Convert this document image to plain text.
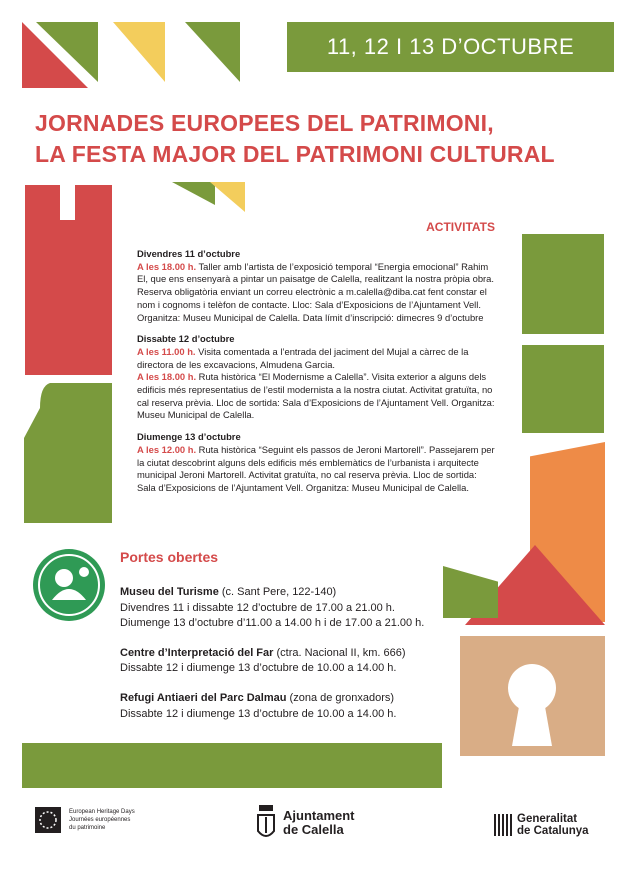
11, 12 I 13 D’OCTUBRE
JORNADES EUROPEES DEL PATRIMONI,
LA FESTA MAJOR DEL PATRIMONI CULTURAL
ACTIVITATS
Divendres 11 d’octubre
A les 18.00 h. Taller amb l’artista de l’exposició temporal “Energia emocional” Rahim El, que ens ensenyarà a pintar un paisatge de Calella, realitzant la nostra pròpia obra. Reserva obligatòria enviant un correu electrònic a m.calella@diba.cat fent constar el nom i cognoms i telèfon de contacte. Lloc: Sala d’Exposicions de l’Ajuntament Vell. Organitza: Museu Municipal de Calella. Data límit d’inscripció: dimecres 9 d’octubre
Dissabte 12 d’octubre
A les 11.00 h. Visita comentada a l’entrada del jaciment del Mujal a càrrec de la directora de les excavacions, Almudena Garcia.
A les 18.00 h. Ruta històrica “El Modernisme a Calella”. Visita exterior a alguns dels edificis més representatius de l’estil modernista a la nostra ciutat. Activitat gratuïta, no cal reserva prèvia. Lloc de sortida: Sala d’Exposicions de l’Ajuntament Vell. Organitza: Museu Municipal de Calella.
Diumenge 13 d’octubre
A les 12.00 h. Ruta històrica “Seguint els passos de Jeroni Martorell”. Passejarem per la ciutat descobrint alguns dels edificis més emblemàtics de l’urbanista i arquitecte municipal Jeroni Martorell. Activitat gratuïta, no cal reserva prèvia. Lloc de sortida: Sala d’Exposicions de l’Ajuntament Vell. Organitza: Museu Municipal de Calella.
Portes obertes
Museu del Turisme (c. Sant Pere, 122-140)
Divendres 11 i dissabte 12 d’octubre de 17.00 a 21.00 h.
Diumenge 13 d’octubre d’11.00 a 14.00 h i de 17.00 a 21.00 h.
Centre d’Interpretació del Far (ctra. Nacional II, km. 666)
Dissabte 12 i diumenge 13 d’octubre de 10.00 a 14.00 h.
Refugi Antiaeri del Parc Dalmau (zona de gronxadors)
Dissabte 12 i diumenge 13 d’octubre de 10.00 a 14.00 h.
European Heritage Days
Journées européennes
du patrimoine
Ajuntament
de Calella
Generalitat
de Catalunya
